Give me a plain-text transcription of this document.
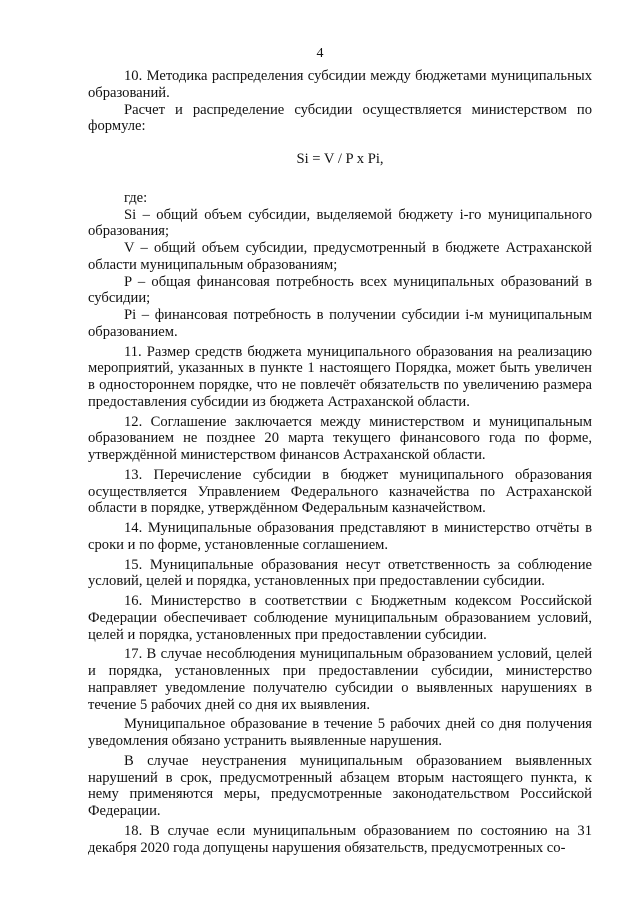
4

10. Методика распределения субсидии между бюджетами муниципальных образований.

Расчет и распределение субсидии осуществляется министерством по формуле:

Si = V / P x Pi,

где:

Si – общий объем субсидии, выделяемой бюджету i-го муниципального образования;

V – общий объем субсидии, предусмотренный в бюджете Астраханской области муниципальным образованиям;

P – общая финансовая потребность всех муниципальных образований в субсидии;

Pi – финансовая потребность в получении субсидии i-м муниципальным образованием.

11. Размер средств бюджета муниципального образования на реализацию мероприятий, указанных в пункте 1 настоящего Порядка, может быть увеличен в одностороннем порядке, что не повлечёт обязательств по увеличению размера предоставления субсидии из бюджета Астраханской области.

12. Соглашение заключается между министерством и муниципальным образованием не позднее 20 марта текущего финансового года по форме, утверждённой министерством финансов Астраханской области.

13. Перечисление субсидии в бюджет муниципального образования осуществляется Управлением Федерального казначейства по Астраханской области в порядке, утверждённом Федеральным казначейством.

14. Муниципальные образования представляют в министерство отчёты в сроки и по форме, установленные соглашением.

15. Муниципальные образования несут ответственность за соблюдение условий, целей и порядка, установленных при предоставлении субсидии.

16. Министерство в соответствии с Бюджетным кодексом Российской Федерации обеспечивает соблюдение муниципальным образованием условий, целей и порядка, установленных при предоставлении субсидии.

17. В случае несоблюдения муниципальным образованием условий, целей и порядка, установленных при предоставлении субсидии, министерство направляет уведомление получателю субсидии о выявленных нарушениях в течение 5 рабочих дней со дня их выявления.

Муниципальное образование в течение 5 рабочих дней со дня получения уведомления обязано устранить выявленные нарушения.

В случае неустранения муниципальным образованием выявленных нарушений в срок, предусмотренный абзацем вторым настоящего пункта, к нему применяются меры, предусмотренные законодательством Российской Федерации.

18. В случае если муниципальным образованием по состоянию на 31 декабря 2020 года допущены нарушения обязательств, предусмотренных со-
